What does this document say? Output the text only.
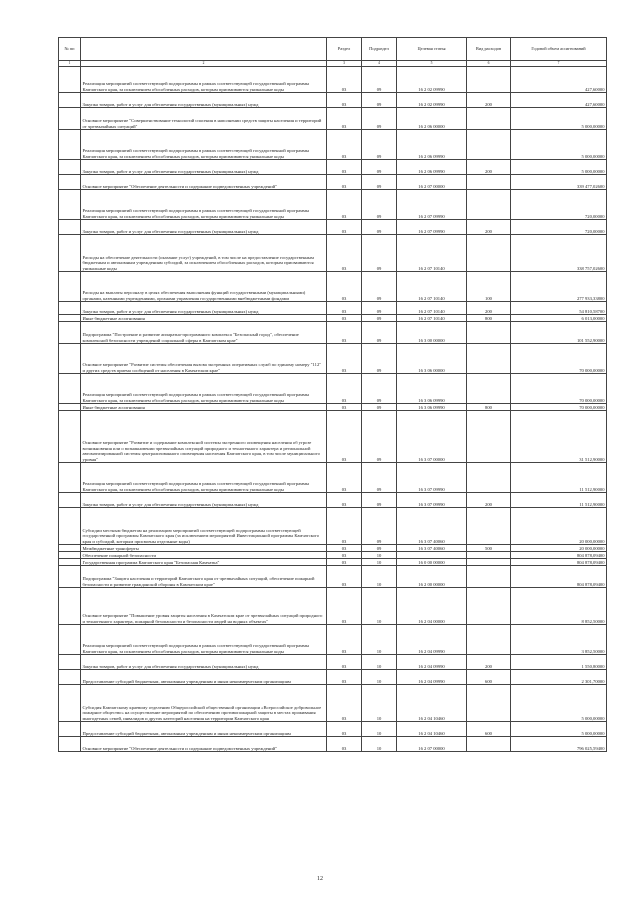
№ пп		Раздел	Подраздел	Целевая статья	Вид расходов	Годовой объем ассигнований
1	2	3	4	5	6	7
	Реализация мероприятий соответствующей подпрограммы в рамках соответствующей государственной программы Камчатского края, за исключением обособленных расходов, которым присваиваются уникальные коды	03	09	16 2 02 09990		427,60000
	Закупка товаров, работ и услуг для обеспечения государственных (муниципальных) нужд	03	09	16 2 02 09990	200	427,60000
	Основное мероприятие "Совершенствование технологий спасения в наполнении средств защиты населения и территорий от чрезвычайных ситуаций"	03	09	16 2 06 00000		5 000,00000
	Реализация мероприятий соответствующей подпрограммы в рамках соответствующей государственной программы Камчатского края, за исключением обособленных расходов, которым присваиваются уникальные коды	03	09	16 2 06 09990		5 000,00000
	Закупка товаров, работ и услуг для обеспечения государственных (муниципальных) нужд	03	09	16 2 06 09990	200	5 000,00000
	Основное мероприятие "Обеспечение деятельности и содержание подведомственных учреждений"	03	09	16 2 07 00000		339 477,02600
	Реализация мероприятий соответствующей подпрограммы в рамках соответствующей государственной программы Камчатского края, за исключением обособленных расходов, которым присваиваются уникальные коды	03	09	16 2 07 09990		720,00000
	Закупка товаров, работ и услуг для обеспечения государственных (муниципальных) нужд	03	09	16 2 07 09990	200	720,00000
	Расходы на обеспечение деятельности (оказание услуг) учреждений, в том числе на предоставление государственным бюджетным и автономным учреждениям субсидий, за исключением обособленных расходов, которым присваиваются уникальные коды	03	09	16 2 07 10140		338 757,02600
	Расходы на выплаты персоналу в целях обеспечения выполнения функций государственными (муниципальными) органами, казенными учреждениями, органами управления государственными внебюджетными фондами	03	09	16 2 07 10140	100	277 933,33800
	Закупка товаров, работ и услуг для обеспечения государственных (муниципальных) нужд	03	09	16 2 07 10140	200	54 810,58700
	Иные бюджетные ассигнования	03	09	16 2 07 10140	800	6 013,00000
	Подпрограмма "Построение и развитие аппаратно-программного комплекса "Безопасный город", обеспечение комплексной безопасности учреждений социальной сферы в Камчатском крае"	03	09	16 3 00 00000		101 552,90000
	Основное мероприятие "Развитие системы обеспечения вызова экстренных оперативных служб по единому номеру "112" и других средств приема сообщений от населения в Камчатском крае"	03	09	16 3 06 00000		70 000,00000
	Реализация мероприятий соответствующей подпрограммы в рамках соответствующей государственной программы Камчатского края, за исключением обособленных расходов, которым присваиваются уникальные коды	03	09	16 3 06 09990		70 000,00000
	Иные бюджетные ассигнования	03	09	16 3 06 09990	800	70 000,00000
	Основное мероприятие "Развитие и содержание комплексной системы экстренного оповещения населения об угрозе возникновения или о возникновении чрезвычайных ситуаций природного и техногенного характера и региональной автоматизированной системы централизованного оповещения населения Камчатского края, в том числе муниципального уровня"	03	09	16 3 07 00000		31 512,90000
	Реализация мероприятий соответствующей подпрограммы в рамках соответствующей государственной программы Камчатского края, за исключением обособленных расходов, которым присваиваются уникальные коды	03	09	16 3 07 09990		11 512,90000
	Закупка товаров, работ и услуг для обеспечения государственных (муниципальных) нужд	03	09	16 3 07 09990	200	11 512,90000
	Субсидии местным бюджетам на реализацию мероприятий соответствующей подпрограммы соответствующей государственной программы Камчатского края (за исключением мероприятий Инвестиционной программы Камчатского края и субсидий, которым присвоены отдельные коды)	03	09	16 3 07 40060		20 000,00000
	Межбюджетные трансферты	03	09	16 3 07 40060	500	20 000,00000
	Обеспечение пожарной безопасности	03	10			804 878,09400
	Государственная программа Камчатского края "Безопасная Камчатка"	03	10	16 0 00 00000		804 878,09400
	Подпрограмма "Защита населения и территорий Камчатского края от чрезвычайных ситуаций, обеспечение пожарной безопасности и развитие гражданской обороны в Камчатском крае"	03	10	16 2 00 00000		804 878,09400
	Основное мероприятие "Повышение уровня защиты населения в Камчатском крае от чрезвычайных ситуаций природного и техногенного характера, пожарной безопасности и безопасности людей на водных объектах"	03	10	16 2 04 00000		8 852,50000
	Реализация мероприятий соответствующей подпрограммы в рамках соответствующей государственной программы Камчатского края, за исключением обособленных расходов, которым присваиваются уникальные коды	03	10	16 2 04 09990		3 852,50000
	Закупка товаров, работ и услуг для обеспечения государственных (муниципальных) нужд	03	10	16 2 04 09990	200	1 550,80000
	Предоставление субсидий бюджетным, автономным учреждениям и иным некоммерческим организациям	03	10	16 2 04 09990	600	2 301,70000
	Субсидия Камчатскому краевому отделению Общероссийской общественной организации «Всероссийское добровольное пожарное общество» на осуществление мероприятий по обеспечению противопожарной защиты в местах проживания многодетных семей, инвалидов и других категорий населения на территории Камчатского края	03	10	16 2 04 10460		5 000,00000
	Предоставление субсидий бюджетным, автономным учреждениям и иным некоммерческим организациям	03	10	16 2 04 10460	600	5 000,00000
	Основное мероприятие "Обеспечение деятельности и содержание подведомственных учреждений"	03	10	16 2 07 00000		796 025,59400
12
